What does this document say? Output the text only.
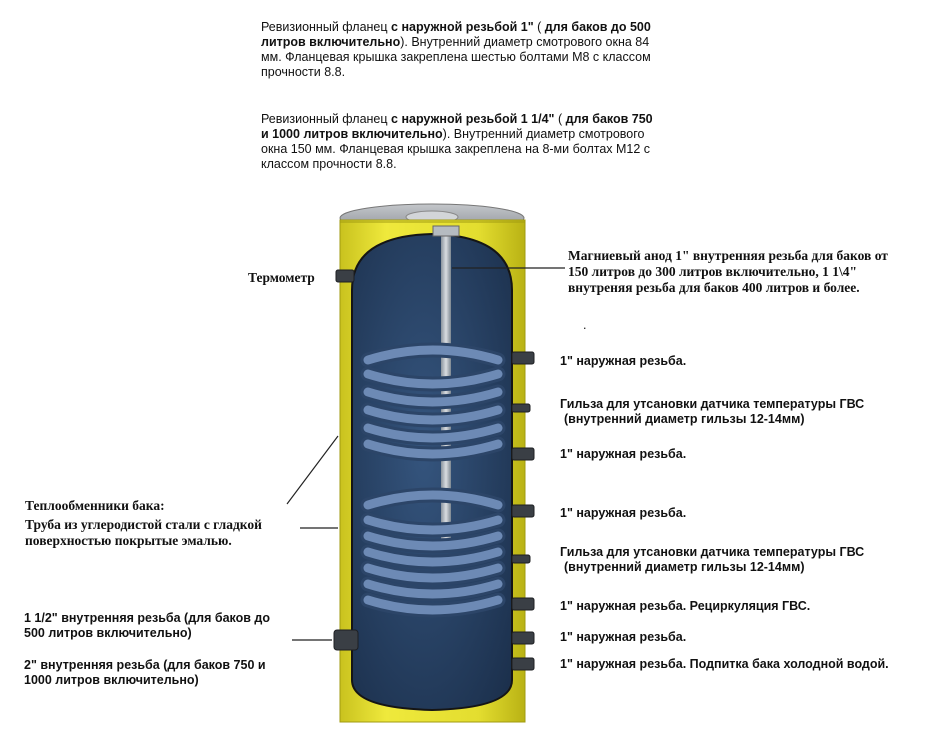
Ревизионный фланец с наружной резьбой 1" ( для баков до 500
литров включительно). Внутренний диаметр смотрового окна 84
мм. Фланцевая крышка закреплена шестью болтами М8 с классом
прочности 8.8.
Ревизионный фланец с наружной резьбой 1 1/4" ( для баков 750
и 1000 литров включительно). Внутренний диаметр смотрового
окна 150 мм. Фланцевая крышка закреплена на 8-ми болтах М12 с
классом прочности 8.8.
Термометр
Магниевый анод 1" внутренняя резьба для баков от
150 литров до 300 литров включительно, 1 1\4"
внутреняя резьба для баков 400 литров и более.
.
Теплообменники бака:
Труба из углеродистой стали с гладкой
поверхностью покрытые эмалью.
1 1/2" внутренняя резьба (для баков до
500 литров включительно)
2" внутренняя резьба (для баков 750 и
1000 литров включительно)
1" наружная резьба.
Гильза для утсановки датчика температуры ГВС
(внутренний диаметр гильзы 12-14мм)
1" наружная резьба.
1" наружная резьба.
Гильза для утсановки датчика температуры ГВС
(внутренний диаметр гильзы 12-14мм)
1" наружная резьба. Рециркуляция ГВС.
1" наружная резьба.
1" наружная резьба. Подпитка бака холодной водой.
